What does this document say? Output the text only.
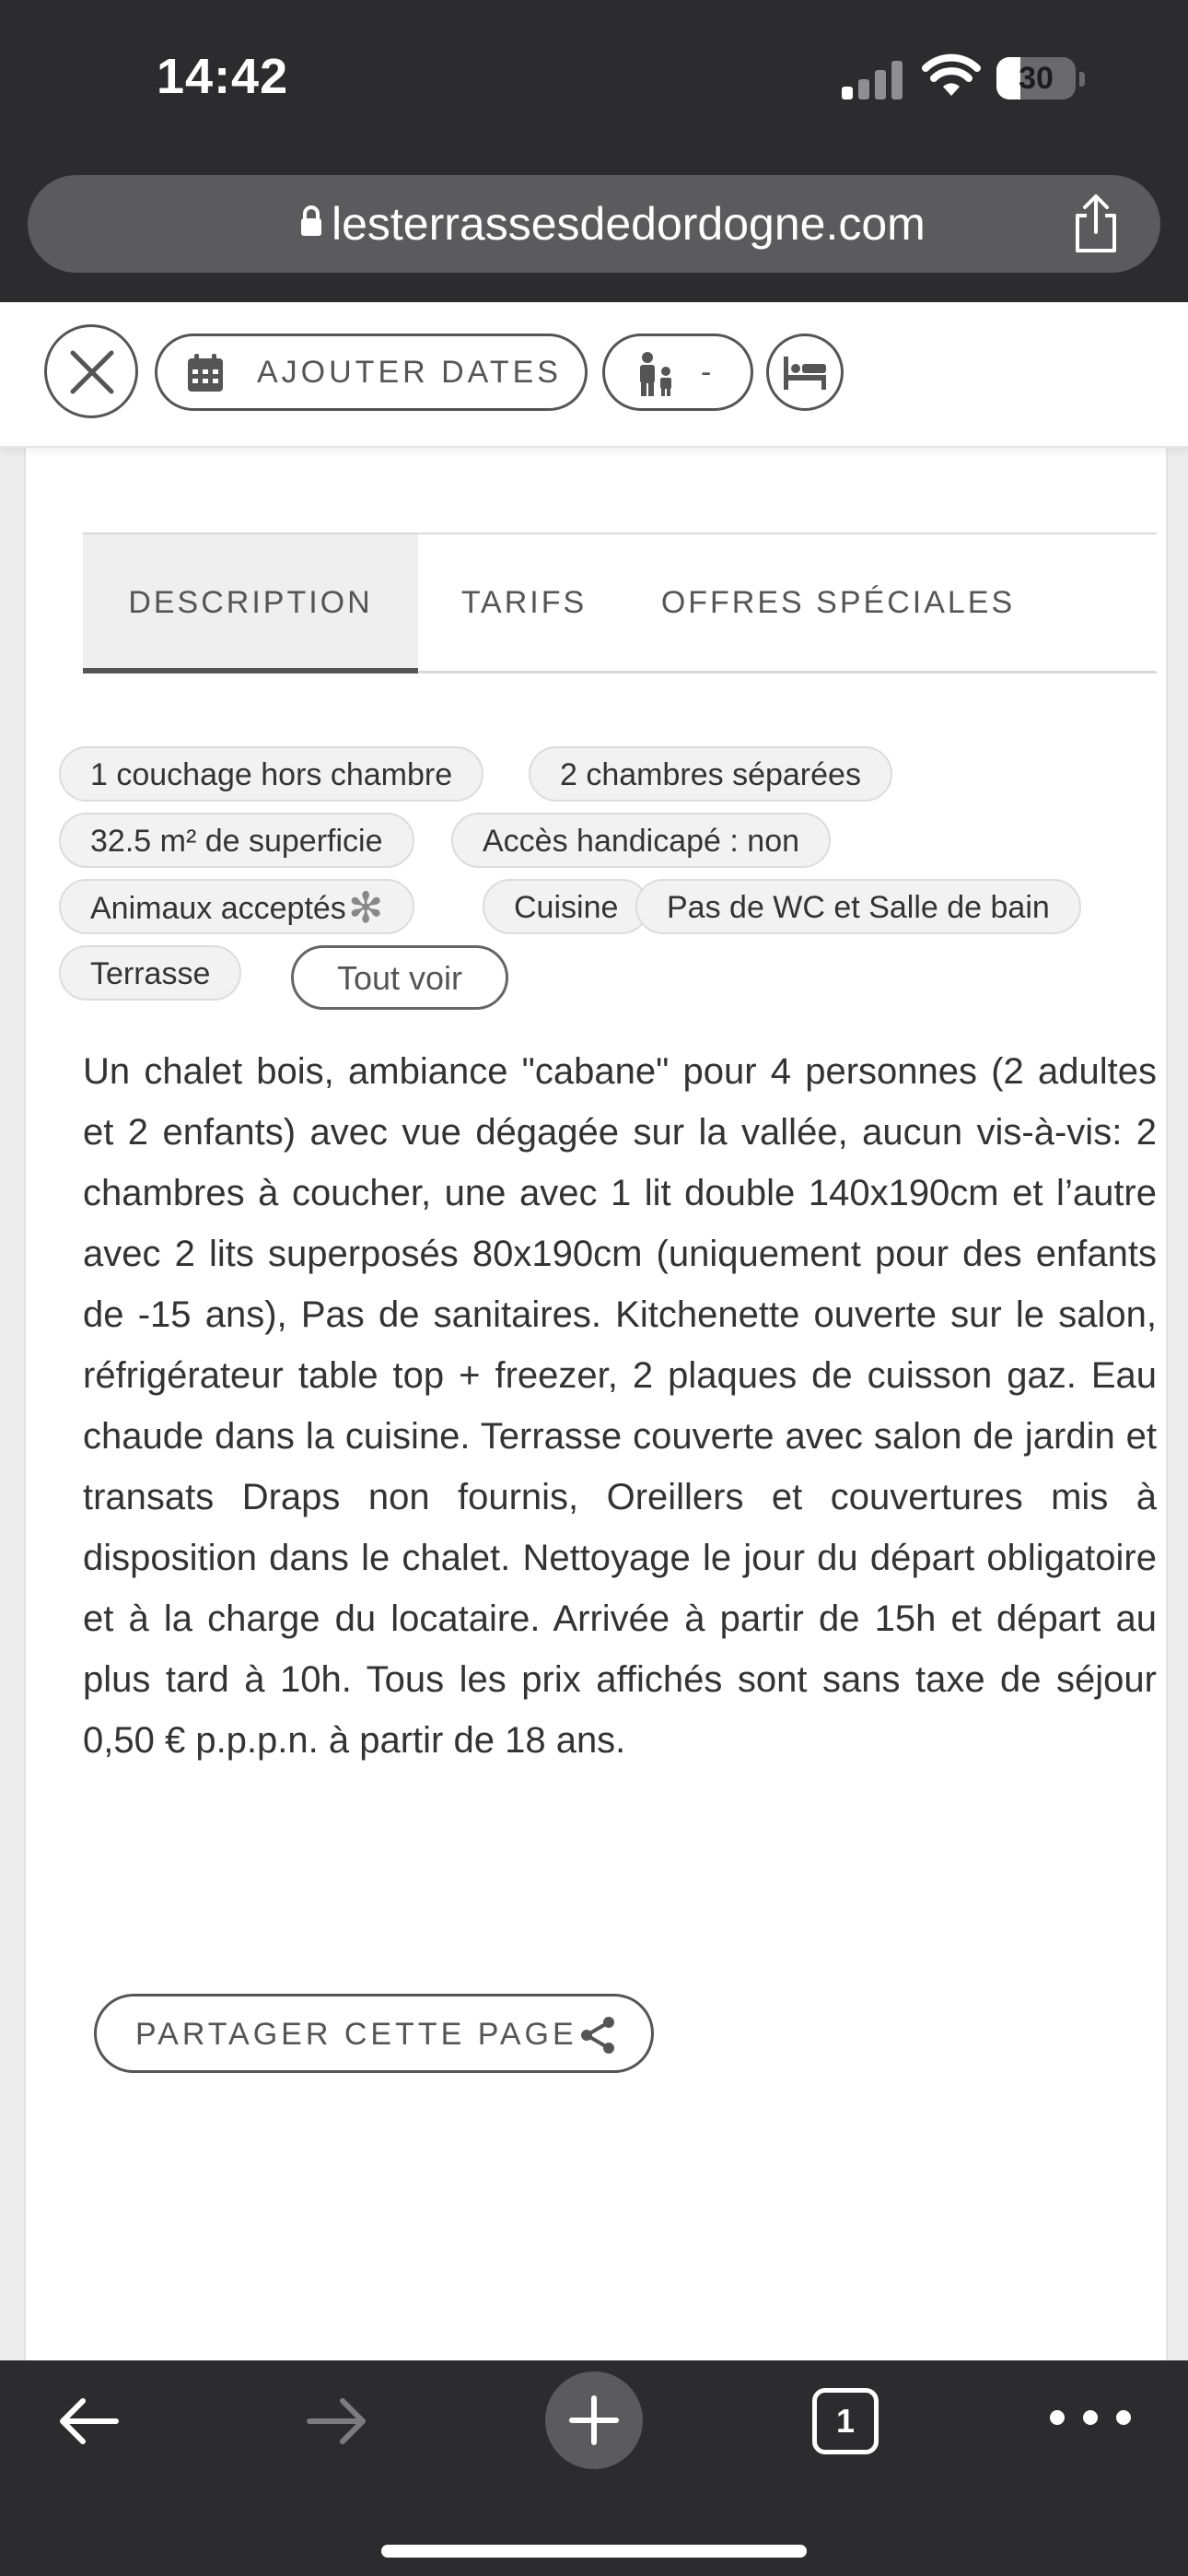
14:42	30
lesterrassesdedordogne.com
DESCRIPTION	TARIFS	OFFRES SPÉCIALES
1 couchage hors chambre	2 chambres séparées
32.5 m² de superficie	Accès handicapé : non
Animaux acceptés✻	Cuisine	Pas de WC et Salle de bain
Terrasse	Tout voir
Un chalet bois, ambiance "cabane" pour 4 personnes (2 adultes et 2 enfants) avec vue dégagée sur la vallée, aucun vis-à-vis: 2 chambres à coucher, une avec 1 lit double 140x190cm et l’autre avec 2 lits superposés 80x190cm (uniquement pour des enfants de -15 ans), Pas de sanitaires. Kitchenette ouverte sur le salon, réfrigérateur table top + freezer, 2 plaques de cuisson gaz. Eau chaude dans la cuisine. Terrasse couverte avec salon de jardin et transats Draps non fournis, Oreillers et couvertures mis à disposition dans le chalet. Nettoyage le jour du départ obligatoire et à la charge du locataire. Arrivée à partir de 15h et départ au plus tard à 10h. Tous les prix affichés sont sans taxe de séjour 0,50 € p.p.p.n. à partir de 18 ans.
PARTAGER CETTE PAGE
AJOUTER DATES	-
1
